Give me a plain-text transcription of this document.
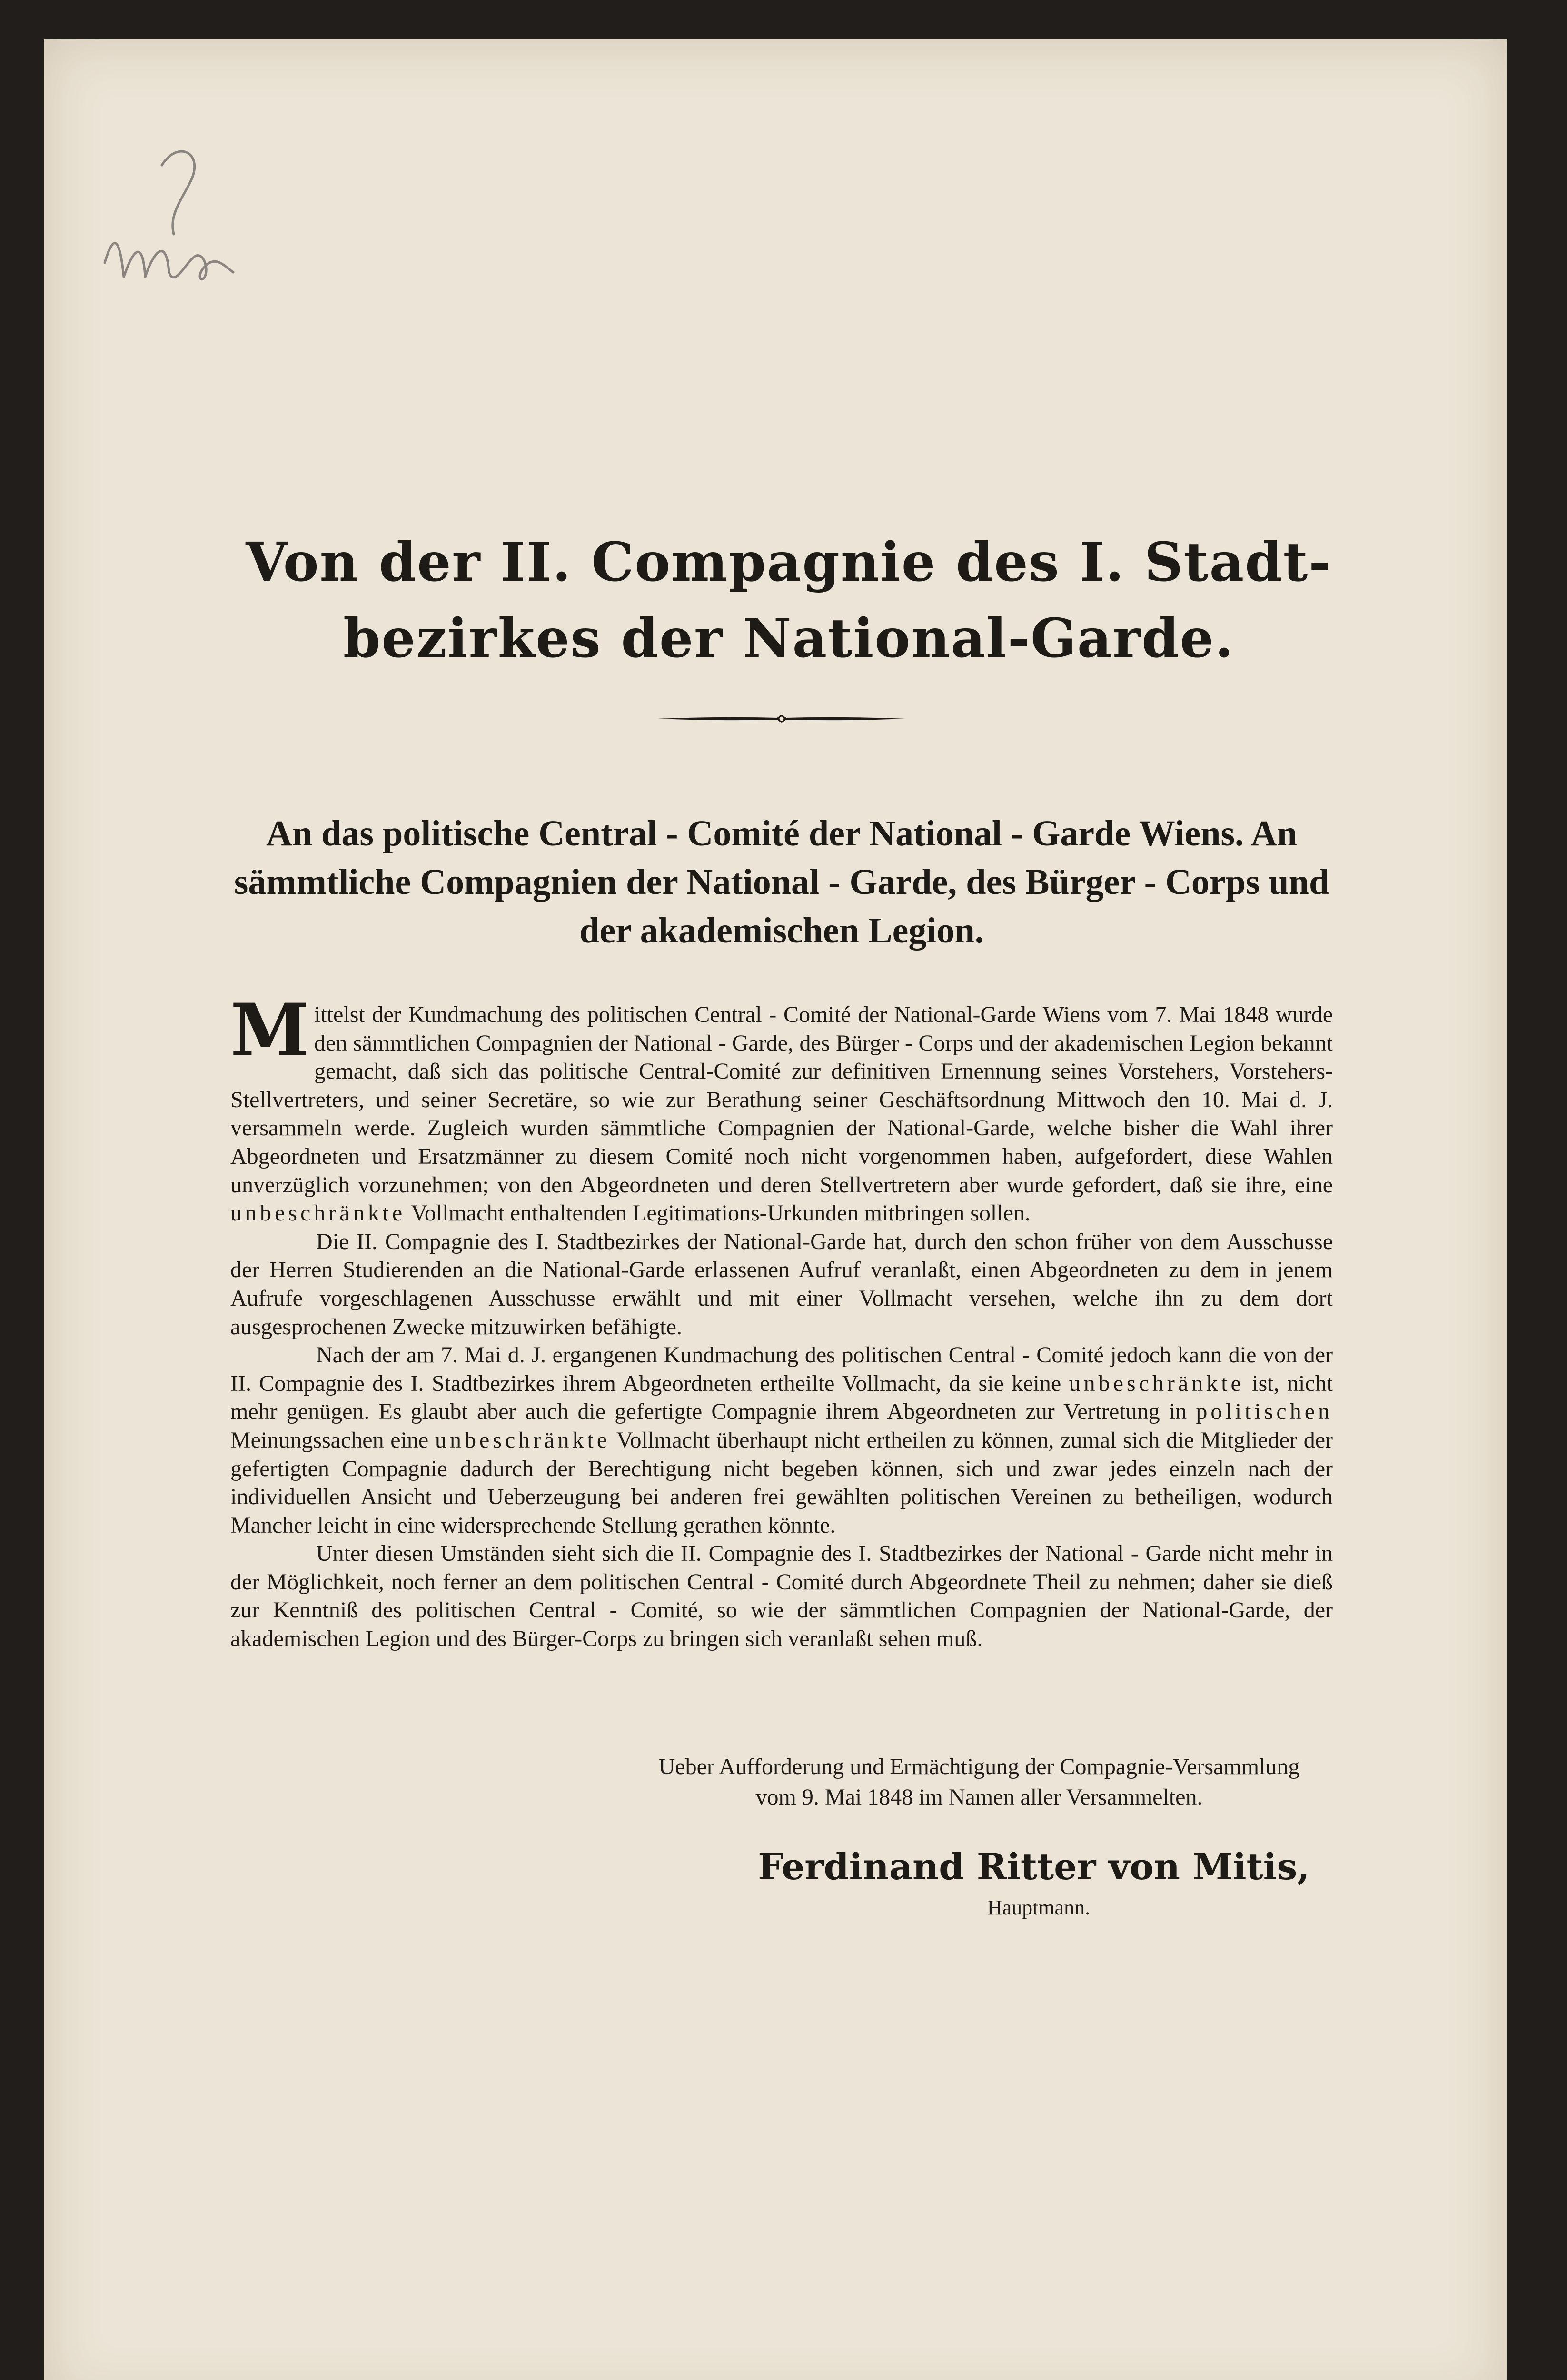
Von der II. Compagnie des I. Stadt-
bezirkes der National-Garde.
An das politische Central - Comité der National - Garde Wiens. An
sämmtliche Compagnien der National - Garde, des Bürger - Corps und
der akademischen Legion.

Mittelst der Kundmachung des politischen Central - Comité der National-Garde Wiens vom 7. Mai 1848 wurde den sämmtlichen Compagnien der National - Garde, des Bürger - Corps und der akademischen Legion bekannt gemacht, daß sich das politische Central-Comité zur definitiven Ernennung seines Vorstehers, Vorstehers-Stellvertreters, und seiner Secretäre, so wie zur Berathung seiner Geschäftsordnung Mittwoch den 10. Mai d. J. versammeln werde. Zugleich wurden sämmtliche Compagnien der National-Garde, welche bisher die Wahl ihrer Abgeordneten und Ersatzmänner zu diesem Comité noch nicht vorgenommen haben, aufgefordert, diese Wahlen unverzüglich vorzunehmen; von den Abgeordneten und deren Stellvertretern aber wurde gefordert, daß sie ihre, eine unbeschränkte Vollmacht enthaltenden Legitimations-Urkunden mitbringen sollen.

Die II. Compagnie des I. Stadtbezirkes der National-Garde hat, durch den schon früher von dem Ausschusse der Herren Studierenden an die National-Garde erlassenen Aufruf veranlaßt, einen Abgeordneten zu dem in jenem Aufrufe vorgeschlagenen Ausschusse erwählt und mit einer Vollmacht versehen, welche ihn zu dem dort ausgesprochenen Zwecke mitzuwirken befähigte.

Nach der am 7. Mai d. J. ergangenen Kundmachung des politischen Central - Comité jedoch kann die von der II. Compagnie des I. Stadtbezirkes ihrem Abgeordneten ertheilte Vollmacht, da sie keine unbeschränkte ist, nicht mehr genügen. Es glaubt aber auch die gefertigte Compagnie ihrem Abgeordneten zur Vertretung in politischen Meinungssachen eine unbeschränkte Vollmacht überhaupt nicht ertheilen zu können, zumal sich die Mitglieder der gefertigten Compagnie dadurch der Berechtigung nicht begeben können, sich und zwar jedes einzeln nach der individuellen Ansicht und Ueberzeugung bei anderen frei gewählten politischen Vereinen zu betheiligen, wodurch Mancher leicht in eine widersprechende Stellung gerathen könnte.

Unter diesen Umständen sieht sich die II. Compagnie des I. Stadtbezirkes der National - Garde nicht mehr in der Möglichkeit, noch ferner an dem politischen Central - Comité durch Abgeordnete Theil zu nehmen; daher sie dieß zur Kenntniß des politischen Central - Comité, so wie der sämmtlichen Compagnien der National-Garde, der akademischen Legion und des Bürger-Corps zu bringen sich veranlaßt sehen muß.

Ueber Aufforderung und Ermächtigung der Compagnie-Versammlung
vom 9. Mai 1848 im Namen aller Versammelten.
Ferdinand Ritter von Mitis,
Hauptmann.
